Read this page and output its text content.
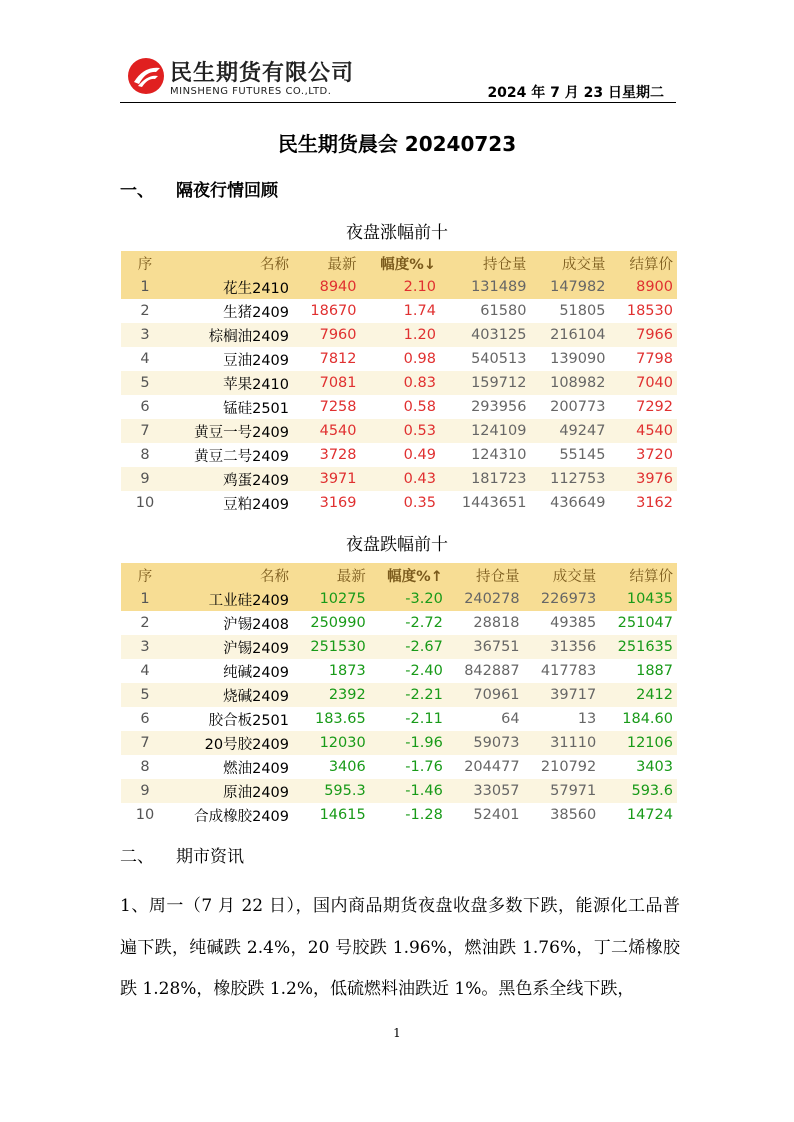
民生期货有限公司
MINSHENG FUTURES CO.,LTD.	2024 年 7 月 23 日星期二
民生期货晨会 20240723
一、 隔夜行情回顾
夜盘涨幅前十
序	名称	最新	幅度%↓	持仓量	成交量	结算价
1	花生2410	8940	2.10	131489	147982	8900
2	生猪2409	18670	1.74	61580	51805	18530
3	棕榈油2409	7960	1.20	403125	216104	7966
4	豆油2409	7812	0.98	540513	139090	7798
5	苹果2410	7081	0.83	159712	108982	7040
6	锰硅2501	7258	0.58	293956	200773	7292
7	黄豆一号2409	4540	0.53	124109	49247	4540
8	黄豆二号2409	3728	0.49	124310	55145	3720
9	鸡蛋2409	3971	0.43	181723	112753	3976
10	豆粕2409	3169	0.35	1443651	436649	3162
夜盘跌幅前十
序	名称	最新	幅度%↑	持仓量	成交量	结算价
1	工业硅2409	10275	-3.20	240278	226973	10435
2	沪锡2408	250990	-2.72	28818	49385	251047
3	沪锡2409	251530	-2.67	36751	31356	251635
4	纯碱2409	1873	-2.40	842887	417783	1887
5	烧碱2409	2392	-2.21	70961	39717	2412
6	胶合板2501	183.65	-2.11	64	13	184.60
7	20号胶2409	12030	-1.96	59073	31110	12106
8	燃油2409	3406	-1.76	204477	210792	3403
9	原油2409	595.3	-1.46	33057	57971	593.6
10	合成橡胶2409	14615	-1.28	52401	38560	14724
二、 期市资讯
1、周一（7 月 22 日），国内商品期货夜盘收盘多数下跌，能源化工品普遍下跌，纯碱跌 2.4%，20 号胶跌 1.96%，燃油跌 1.76%，丁二烯橡胶跌 1.28%，橡胶跌 1.2%，低硫燃料油跌近 1%。黑色系全线下跌，
1
